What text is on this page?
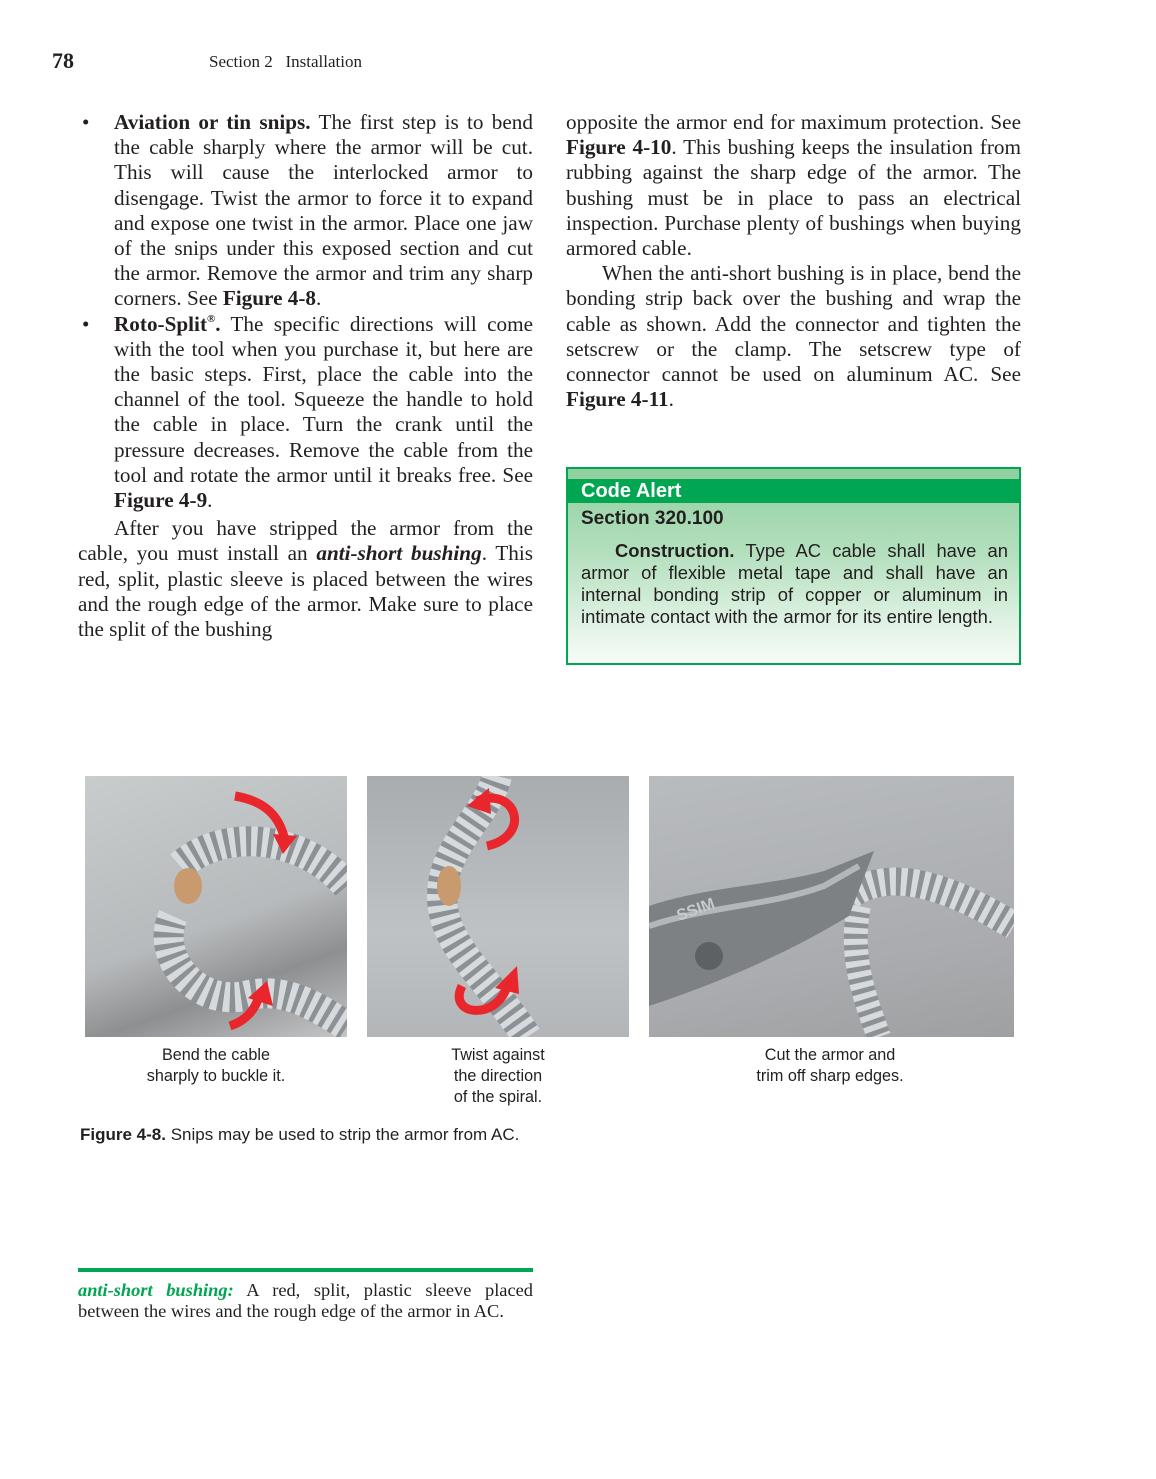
78	Section 2   Installation

• Aviation or tin snips. The first step is to bend the cable sharply where the armor will be cut. This will cause the interlocked armor to disengage. Twist the armor to force it to expand and expose one twist in the armor. Place one jaw of the snips under this exposed section and cut the armor. Remove the armor and trim any sharp corners. See Figure 4-8.

• Roto-Split®. The specific directions will come with the tool when you purchase it, but here are the basic steps. First, place the cable into the channel of the tool. Squeeze the handle to hold the cable in place. Turn the crank until the pressure decreases. Remove the cable from the tool and rotate the armor until it breaks free. See Figure 4-9.

After you have stripped the armor from the cable, you must install an anti-short bushing. This red, split, plastic sleeve is placed between the wires and the rough edge of the armor. Make sure to place the split of the bushing

opposite the armor end for maximum protection. See Figure 4-10. This bushing keeps the insulation from rubbing against the sharp edge of the armor. The bushing must be in place to pass an electrical inspection. Purchase plenty of bushings when buying armored cable.

When the anti-short bushing is in place, bend the bonding strip back over the bushing and wrap the cable as shown. Add the connector and tighten the setscrew or the clamp. The setscrew type of connector cannot be used on aluminum AC. See Figure 4-11.

Code Alert
Section 320.100
Construction. Type AC cable shall have an armor of flexible metal tape and shall have an internal bonding strip of copper or aluminum in intimate contact with the armor for its entire length.
SSIM
Bend the cable
sharply to buckle it.
Twist against
the direction
of the spiral.
Cut the armor and
trim off sharp edges.
Figure 4-8. Snips may be used to strip the armor from AC.
anti-short bushing: A red, split, plastic sleeve placed between the wires and the rough edge of the armor in AC.
